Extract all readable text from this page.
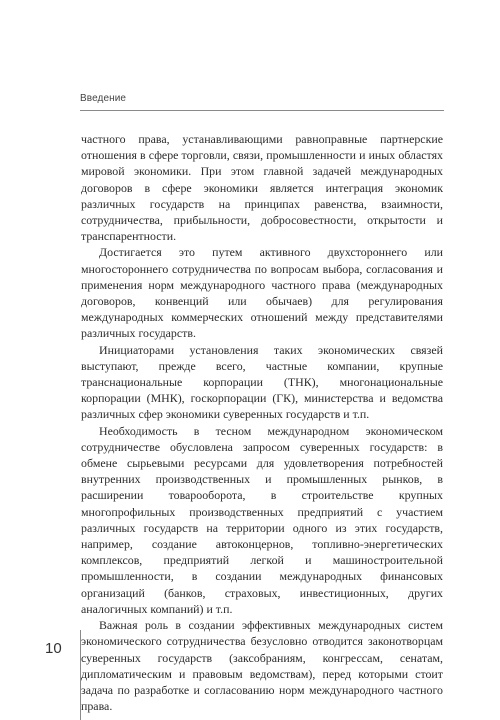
Введение

частного права, устанавливающими равноправные партнерские отношения в сфере торговли, связи, промышленности и иных областях мировой экономики. При этом главной задачей международных договоров в сфере экономики является интеграция экономик различных государств на принципах равенства, взаимности, сотрудничества, прибыльности, добросовестности, открытости и транспарентности.

Достигается это путем активного двухстороннего или многостороннего сотрудничества по вопросам выбора, согласования и применения норм международного частного права (международных договоров, конвенций или обычаев) для регулирования международных коммерческих отношений между представителями различных государств.

Инициаторами установления таких экономических связей выступают, прежде всего, частные компании, крупные транснациональные корпорации (ТНК), многонациональные корпорации (МНК), госкорпорации (ГК), министерства и ведомства различных сфер экономики суверенных государств и т.п.

Необходимость в тесном международном экономическом сотрудничестве обусловлена запросом суверенных государств: в обмене сырьевыми ресурсами для удовлетворения потребностей внутренних производственных и промышленных рынков, в расширении товарооборота, в строительстве крупных многопрофильных производственных предприятий с участием различных государств на территории одного из этих государств, например, создание автоконцернов, топливно-энергетических комплексов, предприятий легкой и машиностроительной промышленности, в создании международных финансовых организаций (банков, страховых, инвестиционных, других аналогичных компаний) и т.п.

Важная роль в создании эффективных международных систем экономического сотрудничества безусловно отводится законотворцам суверенных государств (заксобраниям, конгрессам, сенатам, дипломатическим и правовым ведомствам), перед которыми стоит задача по разработке и согласованию норм международного частного права.

10
